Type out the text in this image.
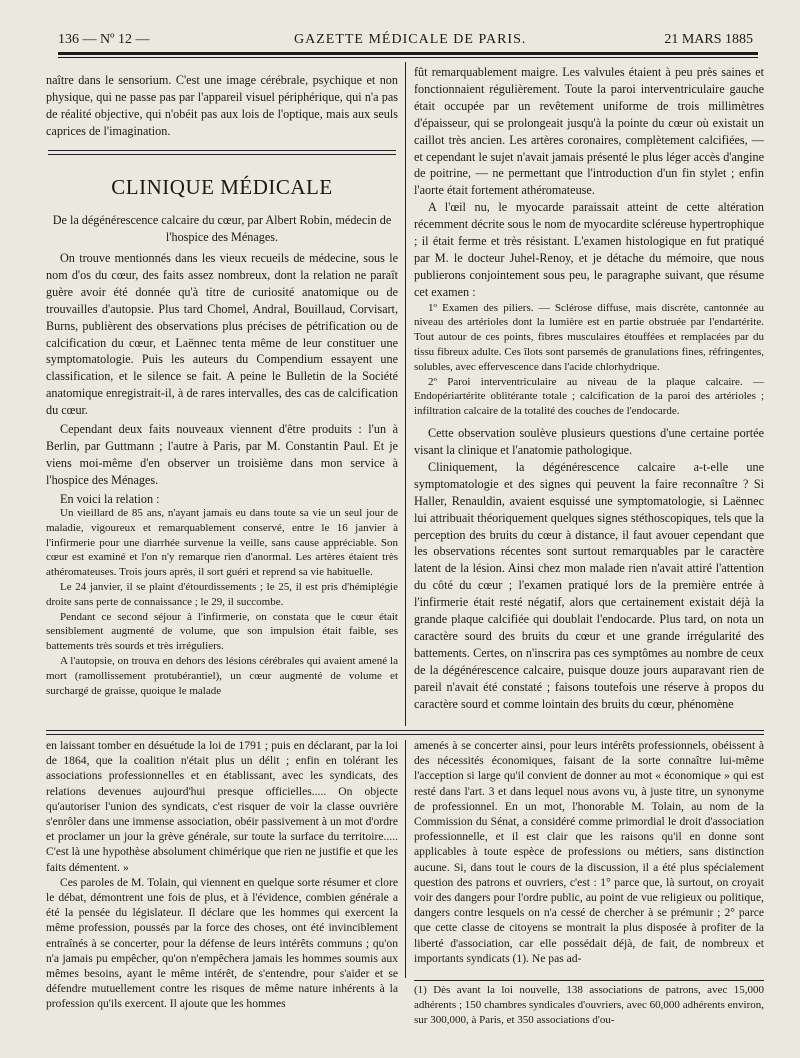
136 — Nº 12 —	GAZETTE MÉDICALE DE PARIS.	21 MARS 1885

naître dans le sensorium. C'est une image cérébrale, psychique et non physique, qui ne passe pas par l'appareil visuel périphérique, qui n'a pas de réalité objective, qui n'obéit pas aux lois de l'optique, mais aux seuls caprices de l'imagination.

CLINIQUE MÉDICALE
De la dégénérescence calcaire du cœur, par Albert Robin, médecin de l'hospice des Ménages.

On trouve mentionnés dans les vieux recueils de médecine, sous le nom d'os du cœur, des faits assez nombreux, dont la relation ne paraît guère avoir été donnée qu'à titre de curiosité anatomique ou de trouvailles d'autopsie. Plus tard Chomel, Andral, Bouillaud, Corvisart, Burns, publièrent des observations plus précises de pétrification ou de calcification du cœur, et Laënnec tenta même de leur constituer une symptomatologie. Puis les auteurs du Compendium essayent une classification, et le silence se fait. A peine le Bulletin de la Société anatomique enregistrait-il, à de rares intervalles, des cas de calcification du cœur.

Cependant deux faits nouveaux viennent d'être produits : l'un à Berlin, par Guttmann ; l'autre à Paris, par M. Constantin Paul. Et je viens moi-même d'en observer un troisième dans mon service à l'hospice des Ménages.

En voici la relation :

Un vieillard de 85 ans, n'ayant jamais eu dans toute sa vie un seul jour de maladie, vigoureux et remarquablement conservé, entre le 16 janvier à l'infirmerie pour une diarrhée survenue la veille, sans cause appréciable. Son cœur est examiné et l'on n'y remarque rien d'anormal. Les artères étaient très athéromateuses. Trois jours après, il sort guéri et reprend sa vie habituelle.

Le 24 janvier, il se plaint d'étourdissements ; le 25, il est pris d'hémiplégie droite sans perte de connaissance ; le 29, il succombe.

Pendant ce second séjour à l'infirmerie, on constata que le cœur était sensiblement augmenté de volume, que son impulsion était faible, ses battements très sourds et très irréguliers.

A l'autopsie, on trouva en dehors des lésions cérébrales qui avaient amené la mort (ramollissement protubérantiel), un cœur augmenté de volume et surchargé de graisse, quoique le malade

fût remarquablement maigre. Les valvules étaient à peu près saines et fonctionnaient régulièrement. Toute la paroi interventriculaire gauche était occupée par un revêtement uniforme de trois millimètres d'épaisseur, qui se prolongeait jusqu'à la pointe du cœur où existait un caillot très ancien. Les artères coronaires, complètement calcifiées, — et cependant le sujet n'avait jamais présenté le plus léger accès d'angine de poitrine, — ne permettant que l'introduction d'un fin stylet ; enfin l'aorte était fortement athéromateuse.

A l'œil nu, le myocarde paraissait atteint de cette altération récemment décrite sous le nom de myocardite scléreuse hypertrophique ; il était ferme et très résistant. L'examen histologique en fut pratiqué par M. le docteur Juhel-Renoy, et je détache du mémoire, que nous publierons conjointement sous peu, le paragraphe suivant, que résume cet examen :

1º Examen des piliers. — Sclérose diffuse, mais discrète, cantonnée au niveau des artérioles dont la lumière est en partie obstruée par l'endartérite. Tout autour de ces points, fibres musculaires étouffées et remplacées par du tissu fibreux adulte. Ces îlots sont parsemés de granulations fines, réfringentes, solubles, avec effervescence dans l'acide chlorhydrique.

2º Paroi interventriculaire au niveau de la plaque calcaire. — Endopériartérite oblitérante totale ; calcification de la paroi des artérioles ; infiltration calcaire de la totalité des couches de l'endocarde.

Cette observation soulève plusieurs questions d'une certaine portée visant la clinique et l'anatomie pathologique.

Cliniquement, la dégénérescence calcaire a-t-elle une symptomatologie et des signes qui peuvent la faire reconnaître ? Si Haller, Renauldin, avaient esquissé une symptomatologie, si Laënnec lui attribuait théoriquement quelques signes stéthoscopiques, tels que la perception des bruits du cœur à distance, il faut avouer cependant que les observations récentes sont surtout remarquables par le caractère latent de la lésion. Ainsi chez mon malade rien n'avait attiré l'attention du côté du cœur ; l'examen pratiqué lors de la première entrée à l'infirmerie était resté négatif, alors que certainement existait déjà la grande plaque calcifiée qui doublait l'endocarde. Plus tard, on nota un caractère sourd des bruits du cœur et une grande irrégularité des battements. Certes, on n'inscrira pas ces symptômes au nombre de ceux de la dégénérescence calcaire, puisque douze jours auparavant rien de pareil n'avait été constaté ; faisons toutefois une réserve à propos du caractère sourd et comme lointain des bruits du cœur, phénomène

en laissant tomber en désuétude la loi de 1791 ; puis en déclarant, par la loi de 1864, que la coalition n'était plus un délit ; enfin en tolérant les associations professionnelles et en établissant, avec les syndicats, des relations devenues aujourd'hui presque officielles..... On objecte qu'autoriser l'union des syndicats, c'est risquer de voir la classe ouvrière s'enrôler dans une immense association, obéir passivement à un mot d'ordre et proclamer un jour la grève générale, sur toute la surface du territoire..... C'est là une hypothèse absolument chimérique que rien ne justifie et que les faits démentent. »

Ces paroles de M. Tolain, qui viennent en quelque sorte résumer et clore le débat, démontrent une fois de plus, et à l'évidence, combien générale a été la pensée du législateur. Il déclare que les hommes qui exercent la même profession, poussés par la force des choses, ont été invinciblement entraînés à se concerter, pour la défense de leurs intérêts communs ; qu'on n'a jamais pu empêcher, qu'on n'empêchera jamais les hommes soumis aux mêmes besoins, ayant le même intérêt, de s'entendre, pour s'aider et se défendre mutuellement contre les risques de même nature inhérents à la profession qu'ils exercent. Il ajoute que les hommes

amenés à se concerter ainsi, pour leurs intérêts professionnels, obéissent à des nécessités économiques, faisant de la sorte connaître lui-même l'acception si large qu'il convient de donner au mot « économique » qui est resté dans l'art. 3 et dans lequel nous avons vu, à juste titre, un synonyme de professionnel. En un mot, l'honorable M. Tolain, au nom de la Commission du Sénat, a considéré comme primordial le droit d'association professionnelle, et il est clair que les raisons qu'il en donne sont applicables à toute espèce de professions ou métiers, sans distinction aucune. Si, dans tout le cours de la discussion, il a été plus spécialement question des patrons et ouvriers, c'est : 1° parce que, là surtout, on croyait voir des dangers pour l'ordre public, au point de vue religieux ou politique, dangers contre lesquels on n'a cessé de chercher à se prémunir ; 2° parce que cette classe de citoyens se montrait la plus disposée à profiter de la liberté d'association, car elle possédait déjà, de fait, de nombreux et importants syndicats (1). Ne pas ad-

(1) Dès avant la loi nouvelle, 138 associations de patrons, avec 15,000 adhérents ; 150 chambres syndicales d'ouvriers, avec 60,000 adhérents environ, sur 300,000, à Paris, et 350 associations d'ou-
